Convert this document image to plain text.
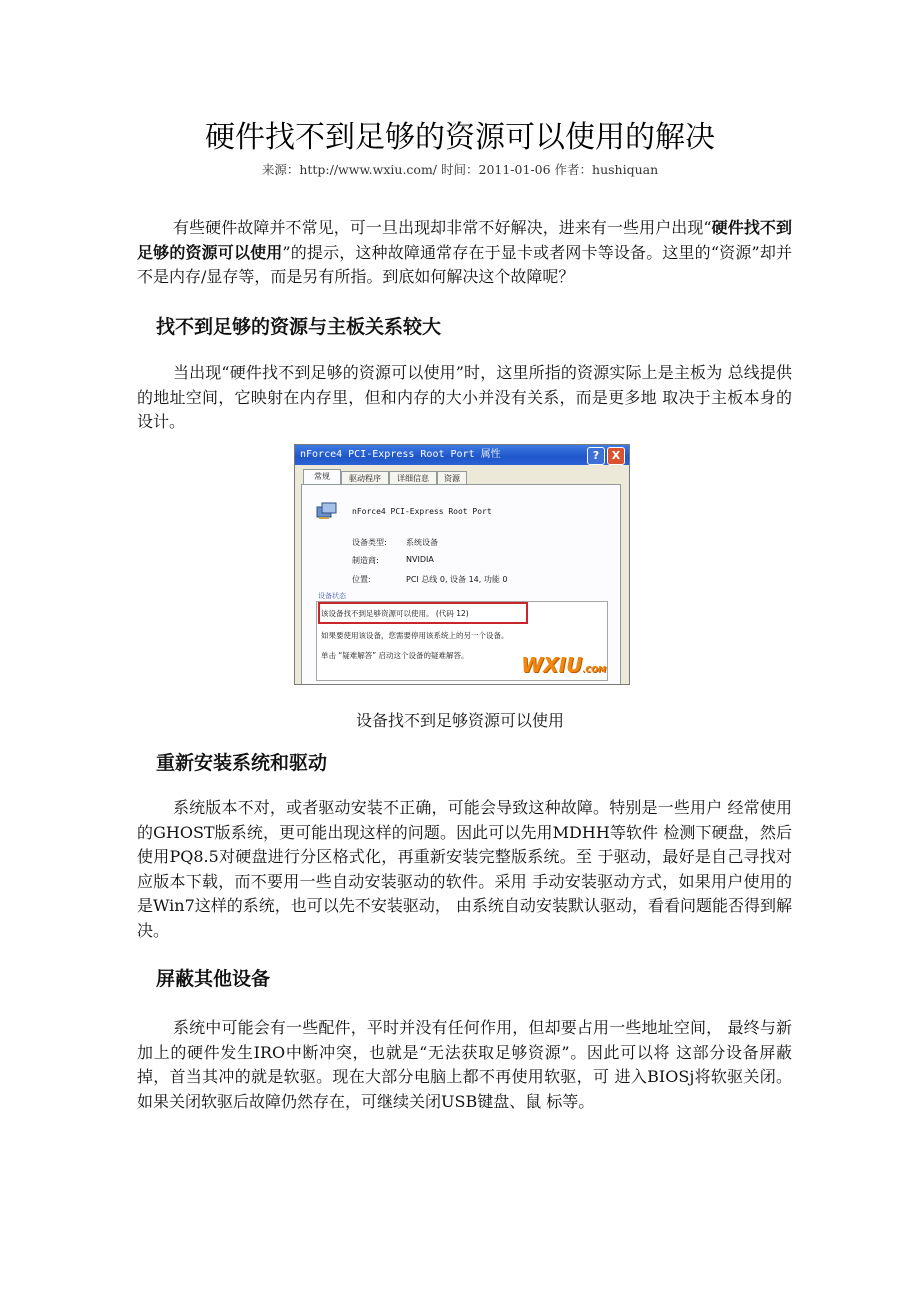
硬件找不到足够的资源可以使用的解决
来源：http://www.wxiu.com/ 时间：2011-01-06 作者：hushiquan

有些硬件故障并不常见，可一旦出现却非常不好解决，进来有一些用户出现“硬件找不到足够的资源可以使用”的提示，这种故障通常存在于显卡或者网卡等设备。这里的“资源”却并不是内存/显存等，而是另有所指。到底如何解决这个故障呢？

找不到足够的资源与主板关系较大

当出现“硬件找不到足够的资源可以使用”时，这里所指的资源实际上是主板为 总线提供的地址空间，它映射在内存里，但和内存的大小并没有关系，而是更多地 取决于主板本身的设计。

nForce4 PCI-Express Root Port 属性	?	X
常规	驱动程序	详细信息	资源
nForce4 PCI-Express Root Port
设备类型: 系统设备
制造商:	NVIDIA
位置:	PCI 总线 0, 设备 14, 功能 0
设备状态
该设备找不到足够资源可以使用。 (代码 12)
如果要使用该设备，您需要停用该系统上的另一个设备。
单击 “疑难解答” 启动这个设备的疑难解答。	WXIU.COM
设备找不到足够资源可以使用
重新安装系统和驱动

系统版本不对，或者驱动安装不正确，可能会导致这种故障。特别是一些用户 经常使用的GHOST版系统，更可能出现这样的问题。因此可以先用MDHH等软件 检测下硬盘，然后使用PQ8.5对硬盘进行分区格式化，再重新安装完整版系统。至 于驱动，最好是自己寻找对应版本下载，而不要用一些自动安装驱动的软件。采用 手动安装驱动方式，如果用户使用的是Win7这样的系统，也可以先不安装驱动， 由系统自动安装默认驱动，看看问题能否得到解决。

屏蔽其他设备

系统中可能会有一些配件，平时并没有任何作用，但却要占用一些地址空间， 最终与新加上的硬件发生IRO中断冲突，也就是“无法获取足够资源”。因此可以将 这部分设备屏蔽掉，首当其冲的就是软驱。现在大部分电脑上都不再使用软驱，可 进入BIOSj将软驱关闭。如果关闭软驱后故障仍然存在，可继续关闭USB键盘、鼠 标等。
